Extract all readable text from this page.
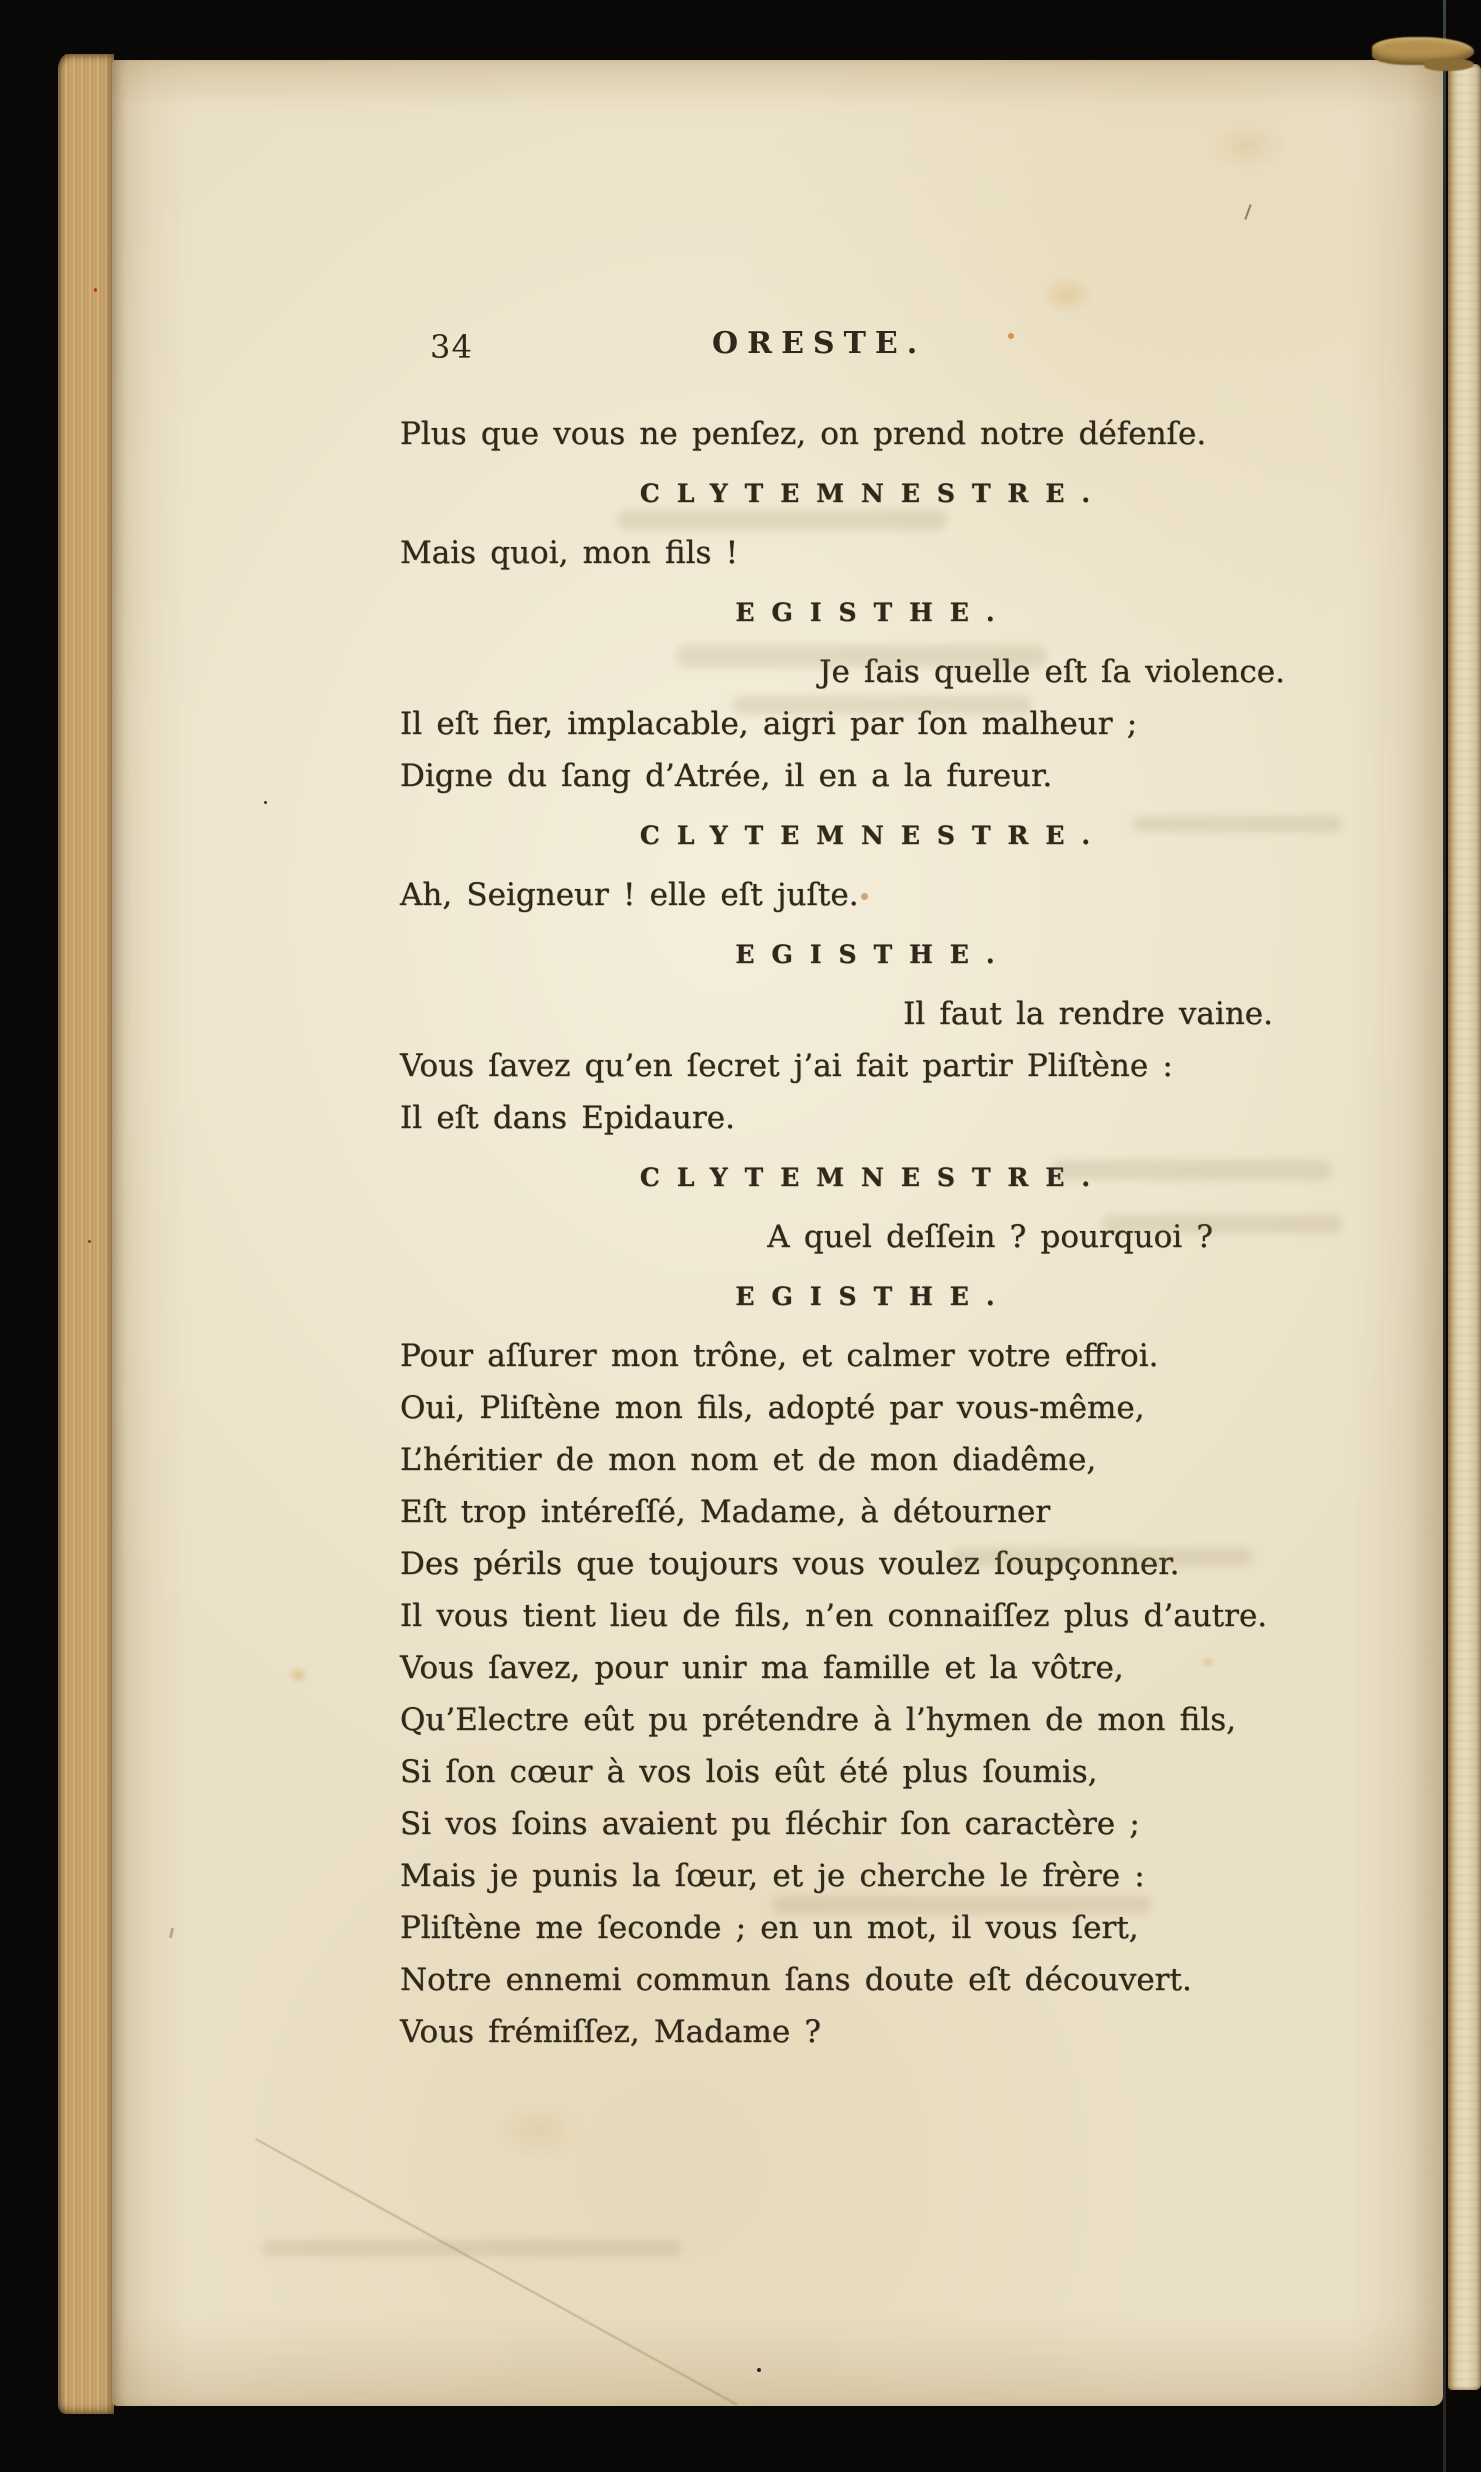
34	ORESTE.
Plus que vous ne penſez, on prend notre défenſe.
CLYTEMNESTRE.
Mais quoi, mon fils !
EGISTHE.
Je ſais quelle eſt ſa violence.
Il eſt fier, implacable, aigri par ſon malheur ;
Digne du ſang d’Atrée, il en a la fureur.
CLYTEMNESTRE.
Ah, Seigneur ! elle eſt juſte.
EGISTHE.
Il faut la rendre vaine.
Vous ſavez qu’en ſecret j’ai fait partir Pliſtène :
Il eſt dans Epidaure.
CLYTEMNESTRE.
A quel deſſein ? pourquoi ?
EGISTHE.
Pour aſſurer mon trône, et calmer votre effroi.
Oui, Pliſtène mon fils, adopté par vous-même,
L’héritier de mon nom et de mon diadême,
Eſt trop intéreſſé, Madame, à détourner
Des périls que toujours vous voulez ſoupçonner.
Il vous tient lieu de fils, n’en connaiſſez plus d’autre.
Vous ſavez, pour unir ma famille et la vôtre,
Qu’Electre eût pu prétendre à l’hymen de mon fils,
Si ſon cœur à vos lois eût été plus ſoumis,
Si vos ſoins avaient pu fléchir ſon caractère ;
Mais je punis la ſœur, et je cherche le frère :
Pliſtène me ſeconde ; en un mot, il vous ſert,
Notre ennemi commun ſans doute eſt découvert.
Vous frémiſſez, Madame ?
